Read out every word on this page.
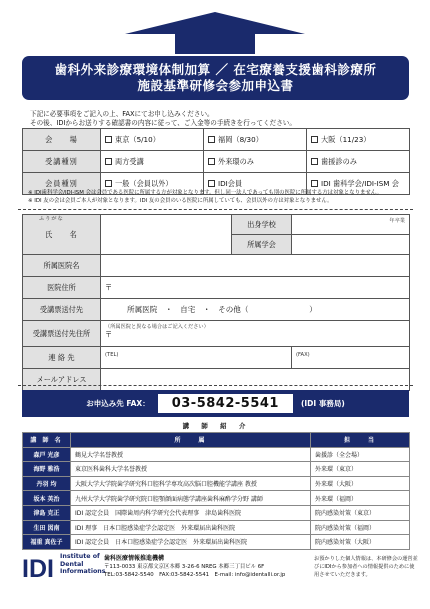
歯科外来診療環境体制加算 ／ 在宅療養支援歯科診療所
施設基準研修会参加申込書
下記に必要事項をご記入の上、FAXにてお申し込みください。
その後、IDIからお送りする確認書の内容に従って、ご入金等の手続きを行ってください。
会　　場	東京（5/10）	福岡（8/30）	大阪（11/23）
受講種別	両方受講	外来環のみ	歯援診のみ
会員種別	一般（会員以外）	IDI会員	IDI 歯科学会/IDI-ISM 会
※ IDI歯科学会/IDI-ISM 会は会員である医院に所属する方が対象となります。但し同一法人であっても別の医院に所属する方は対象となりません。
※ IDI 友の会は会員ご本人が対象となります。IDI 友の会員のいる医院に所属していても、会員以外の方は対象となりません。
ふりがな
氏　　名		出身学校	年卒業
		所属学会	
所属医院名			
医院住所	〒		
受講票送付先	所属医院　・　自宅　・　その他（　　　　　　　　）		
受講票送付先住所	（所属医院と異なる場合はご記入ください）
〒		

連 絡 先	(TEL)		(FAX)
メールアドレス			
お申込み先 FAX：	03-5842-5541	(IDI 事務局)
講　師　紹　介
講 師 名	所　　属	担　　当
森戸 光彦	鶴見大学名誉教授	歯援診（全会場）
海野 雅浩	東京医科歯科大学名誉教授	外来環（東京）
丹羽 均	大阪大学大学院歯学研究科口腔科学専攻高次脳口腔機能学講座 教授	外来環（大阪）
坂本 英治	九州大学大学院歯学研究院口腔顎顔面病態学講座歯科麻酔学分野 講師	外来環（福岡）
津島 克正	IDI 認定会員　国際歯周内科学研究会代表理事　津島歯科医院	院内感染対策（東京）
生田 図南	IDI 理事　日本口腔感染症学会認定医　外来環届出歯科医院	院内感染対策（福岡）
福重 真佐子	IDI 認定会員　日本口腔感染症学会認定医　外来環届出歯科医院	院内感染対策（大阪）
IDI Institute of
Dental
Informations
歯科医療情報推進機構
〒113-0033 東京都文京区本郷 3-26-6 NREG 本郷三丁目ビル 6F
TEL:03-5842-5540　FAX:03-5842-5541　E-mail: info@identalli.or.jp
お預かりした個人情報は、本研修会の運営並びにIDIから参加者への情報提供のために使用させていただきます。
